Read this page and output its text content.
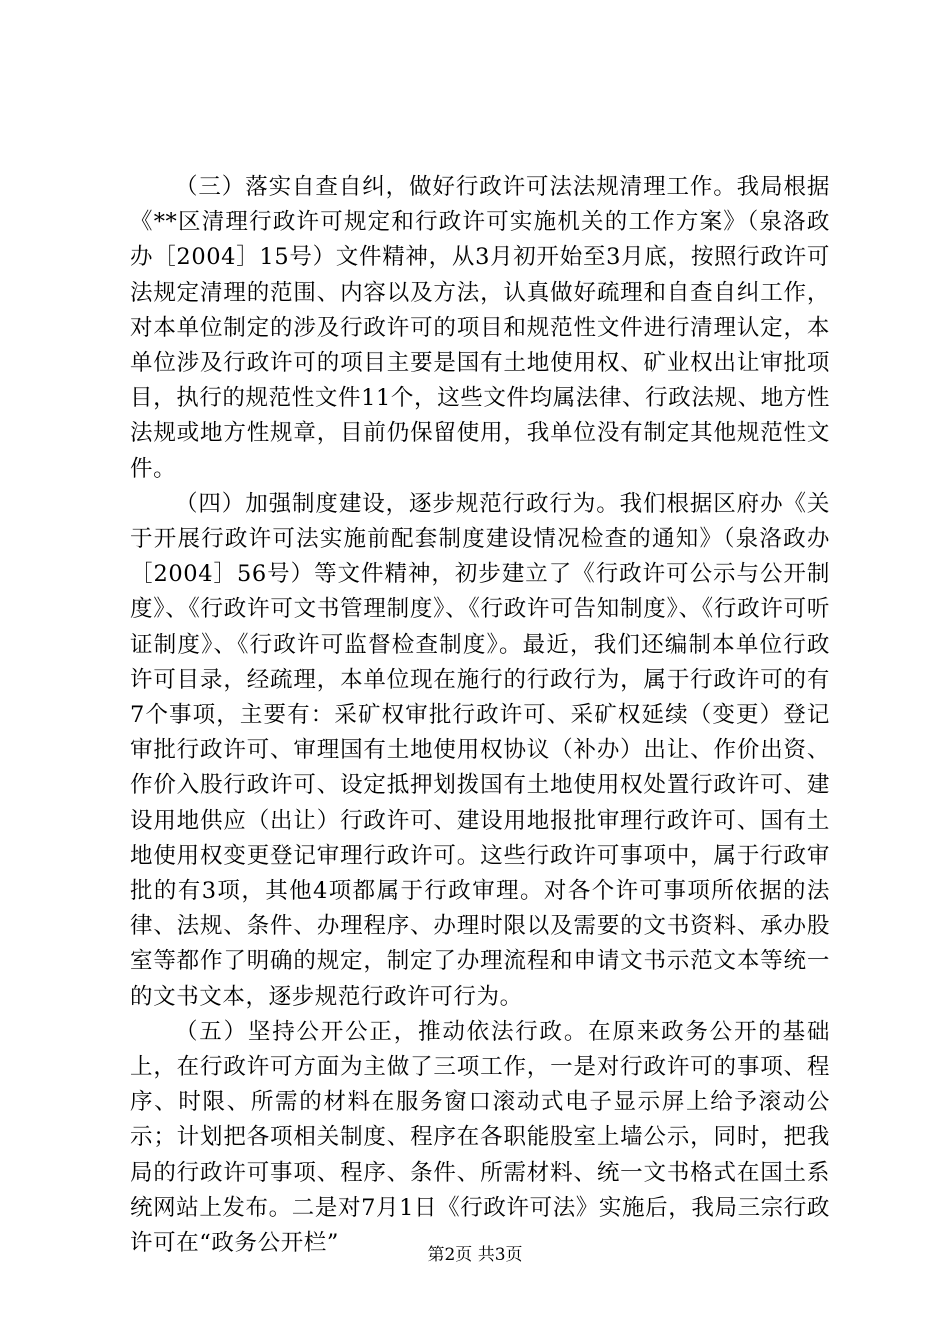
（三）落实自查自纠，做好行政许可法法规清理工作。我局根据《**区清理行政许可规定和行政许可实施机关的工作方案》（泉洛政办［2004］15号）文件精神，从3月初开始至3月底，按照行政许可法规定清理的范围、内容以及方法，认真做好疏理和自查自纠工作，对本单位制定的涉及行政许可的项目和规范性文件进行清理认定，本单位涉及行政许可的项目主要是国有土地使用权、矿业权出让审批项目，执行的规范性文件11个，这些文件均属法律、行政法规、地方性法规或地方性规章，目前仍保留使用，我单位没有制定其他规范性文件。

（四）加强制度建设，逐步规范行政行为。我们根据区府办《关于开展行政许可法实施前配套制度建设情况检查的通知》（泉洛政办［2004］56号）等文件精神，初步建立了《行政许可公示与公开制度》、《行政许可文书管理制度》、《行政许可告知制度》、《行政许可听证制度》、《行政许可监督检查制度》。最近，我们还编制本单位行政许可目录，经疏理，本单位现在施行的行政行为，属于行政许可的有7个事项，主要有：采矿权审批行政许可、采矿权延续（变更）登记审批行政许可、审理国有土地使用权协议（补办）出让、作价出资、作价入股行政许可、设定抵押划拨国有土地使用权处置行政许可、建设用地供应（出让）行政许可、建设用地报批审理行政许可、国有土地使用权变更登记审理行政许可。这些行政许可事项中，属于行政审批的有3项，其他4项都属于行政审理。对各个许可事项所依据的法律、法规、条件、办理程序、办理时限以及需要的文书资料、承办股室等都作了明确的规定，制定了办理流程和申请文书示范文本等统一的文书文本，逐步规范行政许可行为。

（五）坚持公开公正，推动依法行政。在原来政务公开的基础上，在行政许可方面为主做了三项工作，一是对行政许可的事项、程序、时限、所需的材料在服务窗口滚动式电子显示屏上给予滚动公示；计划把各项相关制度、程序在各职能股室上墙公示，同时，把我局的行政许可事项、程序、条件、所需材料、统一文书格式在国土系统网站上发布。二是对7月1日《行政许可法》实施后，我局三宗行政许可在“政务公开栏”	第2页 共3页
